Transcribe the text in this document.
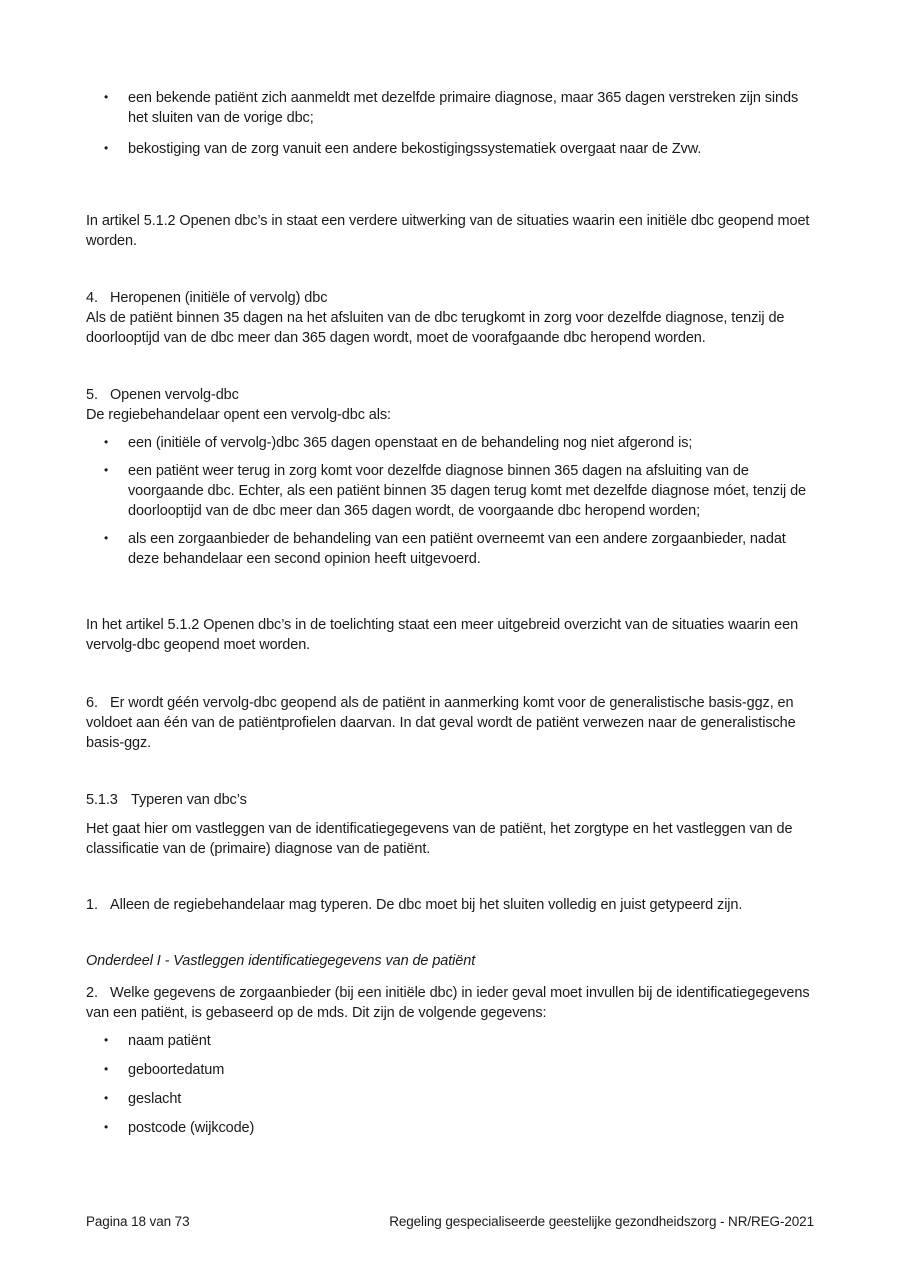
• een bekende patiënt zich aanmeldt met dezelfde primaire diagnose, maar 365 dagen verstreken zijn sinds het sluiten van de vorige dbc;
• bekostiging van de zorg vanuit een andere bekostigingssystematiek overgaat naar de Zvw.
In artikel 5.1.2 Openen dbc’s in staat een verdere uitwerking van de situaties waarin een initiële dbc geopend moet worden.
4. Heropenen (initiële of vervolg) dbc
Als de patiënt binnen 35 dagen na het afsluiten van de dbc terugkomt in zorg voor dezelfde diagnose, tenzij de doorlooptijd van de dbc meer dan 365 dagen wordt, moet de voorafgaande dbc heropend worden.
5. Openen vervolg-dbc
De regiebehandelaar opent een vervolg-dbc als:
• een (initiële of vervolg-)dbc 365 dagen openstaat en de behandeling nog niet afgerond is;
• een patiënt weer terug in zorg komt voor dezelfde diagnose binnen 365 dagen na afsluiting van de voorgaande dbc. Echter, als een patiënt binnen 35 dagen terug komt met dezelfde diagnose móet, tenzij de doorlooptijd van de dbc meer dan 365 dagen wordt, de voorgaande dbc heropend worden;
• als een zorgaanbieder de behandeling van een patiënt overneemt van een andere zorgaanbieder, nadat deze behandelaar een second opinion heeft uitgevoerd.
In het artikel 5.1.2 Openen dbc’s in de toelichting staat een meer uitgebreid overzicht van de situaties waarin een vervolg-dbc geopend moet worden.
6. Er wordt géén vervolg-dbc geopend als de patiënt in aanmerking komt voor de generalistische basis-ggz, en voldoet aan één van de patiëntprofielen daarvan. In dat geval wordt de patiënt verwezen naar de generalistische basis-ggz.
5.1.3 Typeren van dbc’s
Het gaat hier om vastleggen van de identificatiegegevens van de patiënt, het zorgtype en het vastleggen van de classificatie van de (primaire) diagnose van de patiënt.
1. Alleen de regiebehandelaar mag typeren. De dbc moet bij het sluiten volledig en juist getypeerd zijn.
Onderdeel I - Vastleggen identificatiegegevens van de patiënt
2. Welke gegevens de zorgaanbieder (bij een initiële dbc) in ieder geval moet invullen bij de identificatiegegevens van een patiënt, is gebaseerd op de mds. Dit zijn de volgende gegevens:
• naam patiënt
• geboortedatum
• geslacht
• postcode (wijkcode)
Pagina 18 van 73	Regeling gespecialiseerde geestelijke gezondheidszorg - NR/REG-2021
